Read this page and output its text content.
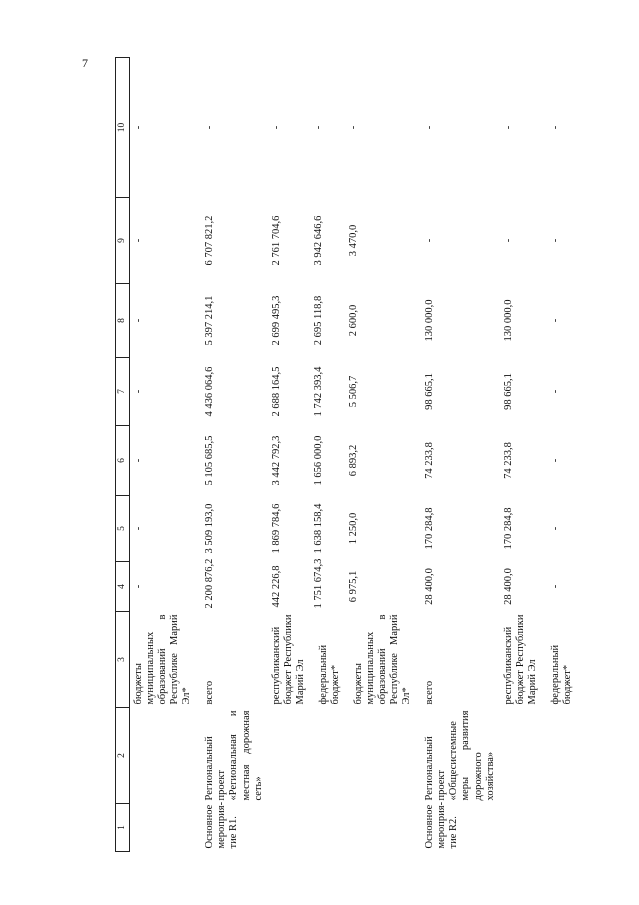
7
1	2	3	4	5	6	7	8	9	10
		бюджеты муниципальных образований в Республике Марий Эл*	-	-	-	-	-	-	-
Основное мероприя-тие R1.	Региональный проект «Региональная и местная дорожная сеть»	всего	2 200 876,2	3 509 193,0	5 105 685,5	4 436 064,6	5 397 214,1	6 707 821,2	-
		республиканский бюджет Республики Марий Эл	442 226,8	1 869 784,6	3 442 792,3	2 688 164,5	2 699 495,3	2 761 704,6	-
		федеральный бюджет*	1 751 674,3	1 638 158,4	1 656 000,0	1 742 393,4	2 695 118,8	3 942 646,6	-
		бюджеты муниципальных образований в Республике Марий Эл*	6 975,1	1 250,0	6 893,2	5 506,7	2 600,0	3 470,0	-
Основное мероприя-тие R2.	Региональный проект «Общесистемные меры развития дорожного хозяйства»	всего	28 400,0	170 284,8	74 233,8	98 665,1	130 000,0	-	-
		республиканский бюджет Республики Марий Эл	28 400,0	170 284,8	74 233,8	98 665,1	130 000,0	-	-
		федеральный бюджет*	-	-	-	-	-	-	-
